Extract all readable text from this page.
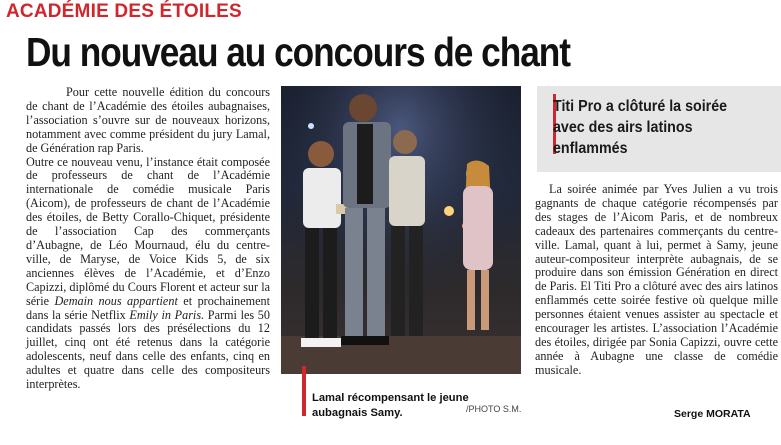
ACADÉMIE DES ÉTOILES
Du nouveau au concours de chant

Pour cette nouvelle édition du concours de chant de l’Académie des étoiles aubagnaises, l’association s’ouvre sur de nouveaux horizons, notamment avec comme président du jury Lamal, de Génération rap Paris.

Outre ce nouveau venu, l’instance était composée de professeurs de chant de l’Académie internationale de comédie musicale Paris (Aicom), de professeurs de chant de l’Académie des étoiles, de Betty Corallo-Chiquet, présidente de l’association Cap des commerçants d’Aubagne, de Léo Mournaud, élu du centre-ville, de Maryse, de Voice Kids 5, de six anciennes élèves de l’Académie, et d’Enzo Capizzi, diplômé du Cours Florent et acteur sur la série Demain nous appartient et prochainement dans la série Netflix Emily in Paris. Parmi les 50 candidats passés lors des présélections du 12 juillet, cinq ont été retenus dans la catégorie adolescents, neuf dans celle des enfants, cinq en adultes et quatre dans celle des compositeurs interprètes.

Lamal récompensant le jeune aubagnais Samy.	/PHOTO S.M.
Titi Pro a clôturé la soirée avec des airs latinos enflammés

La soirée animée par Yves Julien a vu trois gagnants de chaque catégorie récompensés par des stages de l’Aicom Paris, et de nombreux cadeaux des partenaires commerçants du centre-ville. Lamal, quant à lui, permet à Samy, jeune auteur-compositeur interprète aubagnais, de se produire dans son émission Génération en direct de Paris. El Titi Pro a clôturé avec des airs latinos enflammés cette soirée festive où quelque mille personnes étaient venues assister au spectacle et encourager les artistes. L’association l’Académie des étoiles, dirigée par Sonia Capizzi, ouvre cette année à Aubagne une classe de comédie musicale.

Serge MORATA
